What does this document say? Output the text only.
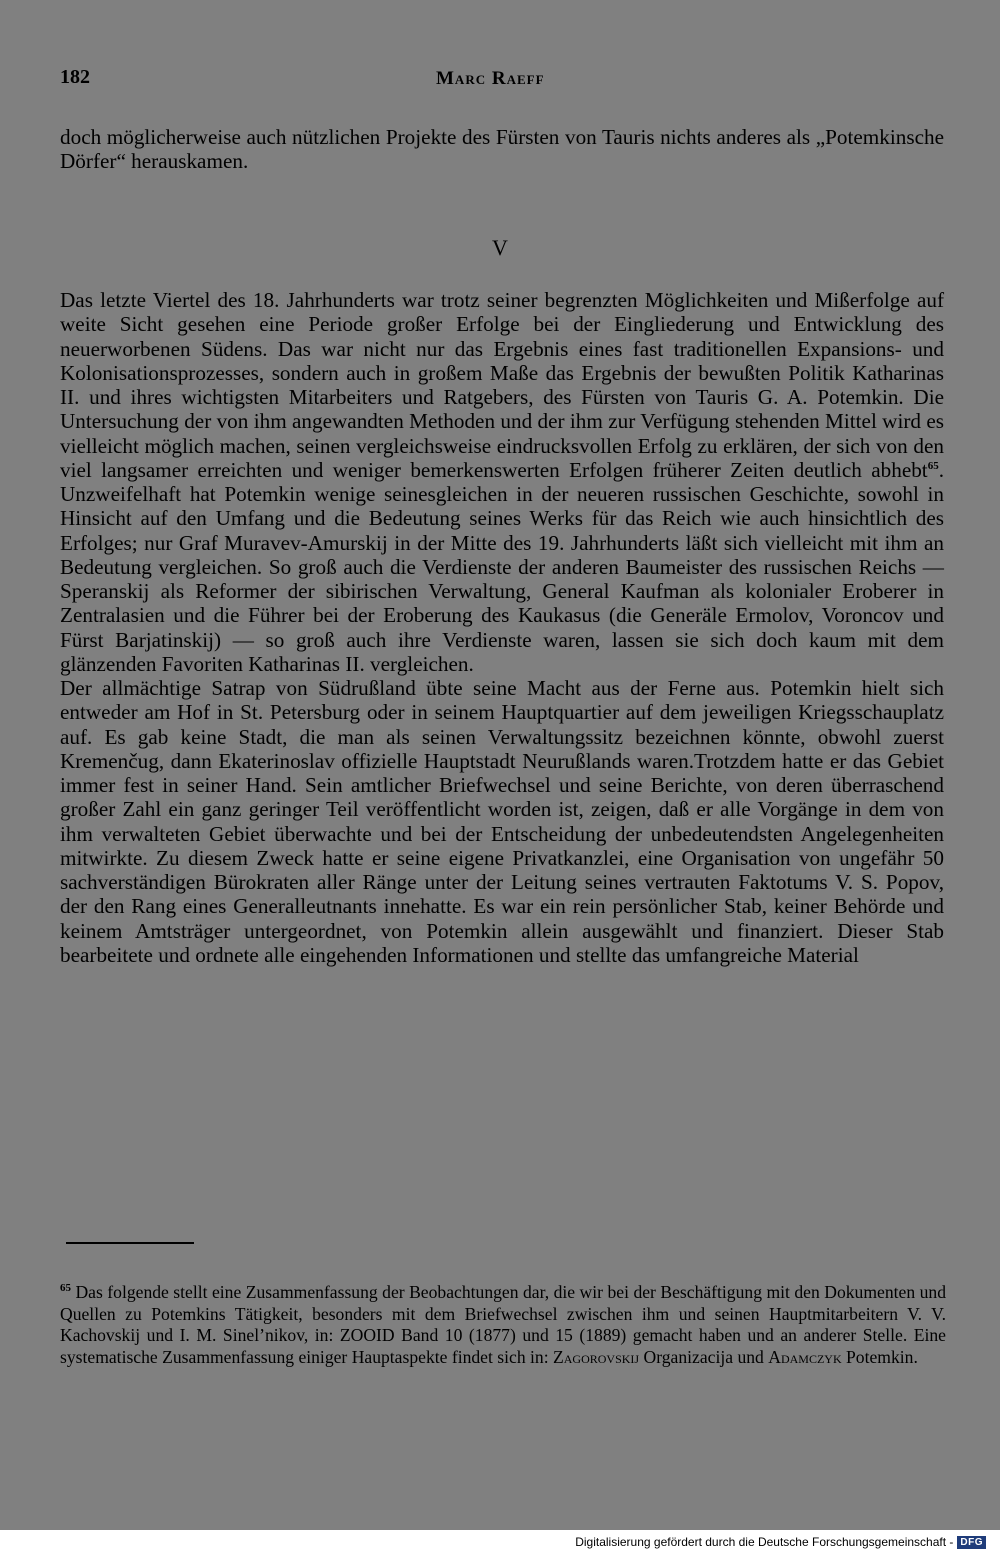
182	Marc Raeff

doch möglicherweise auch nützlichen Projekte des Fürsten von Tauris nichts anderes als „Potemkinsche Dörfer“ herauskamen.

V

Das letzte Viertel des 18. Jahrhunderts war trotz seiner begrenzten Möglichkeiten und Mißerfolge auf weite Sicht gesehen eine Periode großer Erfolge bei der Eingliederung und Entwicklung des neuerworbenen Südens. Das war nicht nur das Ergebnis eines fast traditionellen Expansions- und Kolonisationsprozesses, sondern auch in großem Maße das Ergebnis der bewußten Politik Katharinas II. und ihres wichtigsten Mitarbeiters und Ratgebers, des Fürsten von Tauris G. A. Potemkin. Die Untersuchung der von ihm angewandten Methoden und der ihm zur Verfügung stehenden Mittel wird es vielleicht möglich machen, seinen vergleichsweise eindrucksvollen Erfolg zu erklären, der sich von den viel langsamer erreichten und weniger bemerkenswerten Erfolgen früherer Zeiten deutlich abhebt$^{65}$. Unzweifelhaft hat Potemkin wenige seinesgleichen in der neueren russischen Geschichte, sowohl in Hinsicht auf den Umfang und die Bedeutung seines Werks für das Reich wie auch hinsichtlich des Erfolges; nur Graf Muravev-Amurskij in der Mitte des 19. Jahrhunderts läßt sich vielleicht mit ihm an Bedeutung vergleichen. So groß auch die Verdienste der anderen Baumeister des russischen Reichs — Speranskij als Reformer der sibirischen Verwaltung, General Kaufman als kolonialer Eroberer in Zentralasien und die Führer bei der Eroberung des Kaukasus (die Generäle Ermolov, Voroncov und Fürst Barjatinskij) — so groß auch ihre Verdienste waren, lassen sie sich doch kaum mit dem glänzenden Favoriten Katharinas II. vergleichen.

Der allmächtige Satrap von Südrußland übte seine Macht aus der Ferne aus. Potemkin hielt sich entweder am Hof in St. Petersburg oder in seinem Hauptquartier auf dem jeweiligen Kriegsschauplatz auf. Es gab keine Stadt, die man als seinen Verwaltungssitz bezeichnen könnte, obwohl zuerst Kremenčug, dann Ekaterinoslav offizielle Hauptstadt Neurußlands waren.Trotzdem hatte er das Gebiet immer fest in seiner Hand. Sein amtlicher Briefwechsel und seine Berichte, von deren überraschend großer Zahl ein ganz geringer Teil veröffentlicht worden ist, zeigen, daß er alle Vorgänge in dem von ihm verwalteten Gebiet überwachte und bei der Entscheidung der unbedeutendsten Angelegenheiten mitwirkte. Zu diesem Zweck hatte er seine eigene Privatkanzlei, eine Organisation von ungefähr 50 sachverständigen Bürokraten aller Ränge unter der Leitung seines vertrauten Faktotums V. S. Popov, der den Rang eines Generalleutnants innehatte. Es war ein rein persönlicher Stab, keiner Behörde und keinem Amtsträger untergeordnet, von Potemkin allein ausgewählt und finanziert. Dieser Stab bearbeitete und ordnete alle eingehenden Informationen und stellte das umfangreiche Material

$^{65}$ Das folgende stellt eine Zusammenfassung der Beobachtungen dar, die wir bei der Beschäftigung mit den Dokumenten und Quellen zu Potemkins Tätigkeit, besonders mit dem Briefwechsel zwischen ihm und seinen Hauptmitarbeitern V. V. Kachovskij und I. M. Sinel’nikov, in: ZOOID Band 10 (1877) und 15 (1889) gemacht haben und an anderer Stelle. Eine systematische Zusammenfassung einiger Hauptaspekte findet sich in: Zagorovskij Organizacija und Adamczyk Potemkin.
Digitalisierung gefördert durch die Deutsche Forschungsgemeinschaft - DFG
